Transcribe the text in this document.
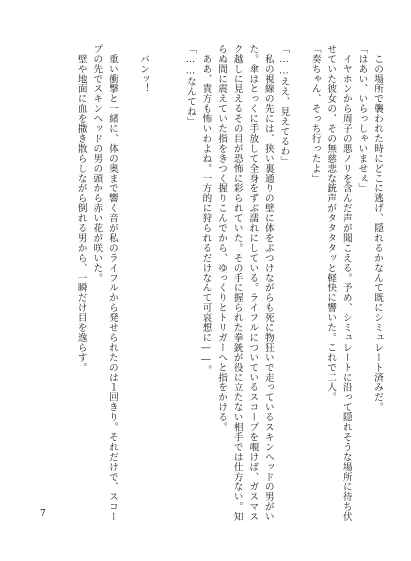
　この場所で襲われた時にどこに逃げ、隠れるかなんて既にシミュレート済みだ。
「はあい、いらっしゃいませぇ」
　イヤホンから周子の悪ノリを含んだ声が聞こえる。予め、シミュレートに沿って隠れそうな場所に待ち伏
せていた彼女の、その無慈悲な銃声がタタタタッと軽快に響いた。これで二人。
「奏ちゃん、そっち行ったよ」
「……ええ、見えてるわ」
　私の視線の先には、狭い裏通りの壁に体をぶつけながらも死に物狂いで走っているスキンヘッドの男がい
た。傘はとっくに手放して全身をずぶ濡れにしている。ライフルについているスコープを覗けば、ガスマス
ク越しに見えるその目が恐怖に彩られていた。その手に握られた拳銃が役に立たない相手では仕方ない。知
らぬ間に震えていた指をきつく握りこんでから、ゆっくりとトリガーへと指をかける。
　ああ、貴方も怖いわよね。一方的に狩られるだけなんて可哀想に――。
「……なんてね」
　バンッ！
　重い衝撃と一緒に、体の奥まで響く音が私のライフルから発せられたのは１回きり。それだけで、スコー
プの先でスキンヘッドの男の頭から赤い花が咲いた。
　壁や地面に血を撒き散らしながら倒れる男から、一瞬だけ目を逸らす。
7
